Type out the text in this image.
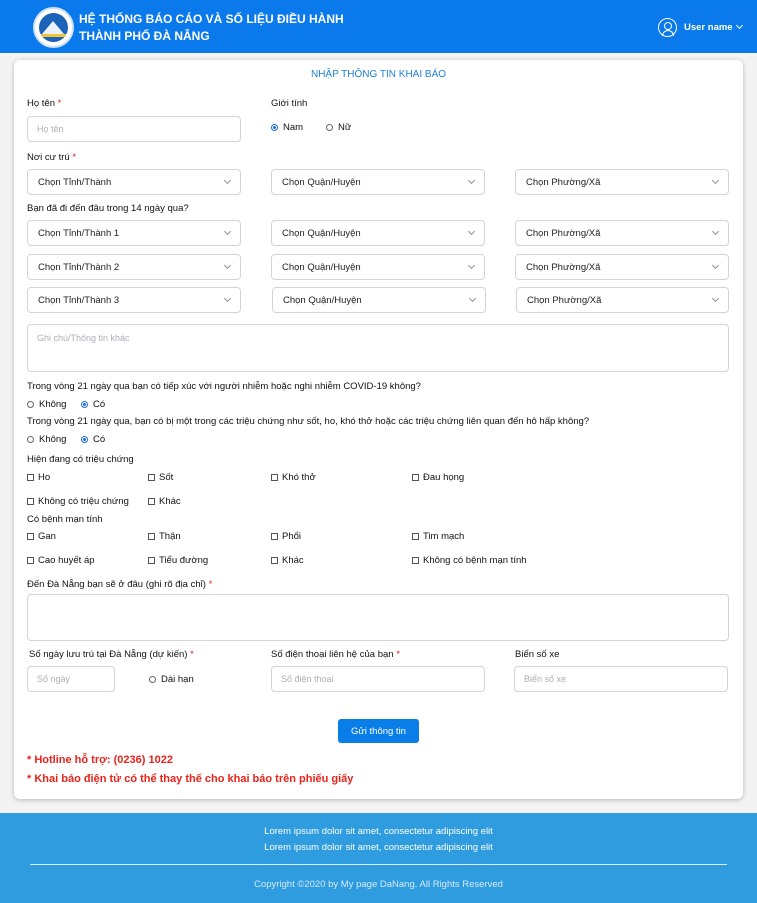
HỆ THỐNG BÁO CÁO VÀ SỐ LIỆU ĐIỀU HÀNH
THÀNH PHỐ ĐÀ NẴNG
User name
NHẬP THÔNG TIN KHAI BÁO
Họ tên *
Họ tên
Giới tính
Nam	Nữ
Nơi cư trú *
Chọn Tỉnh/Thành	Chọn Quận/Huyện	Chọn Phường/Xã
Bạn đã đi đến đâu trong 14 ngày qua?
Chọn Tỉnh/Thành 1	Chọn Quận/Huyện	Chọn Phường/Xã
Chọn Tỉnh/Thành 2	Chọn Quận/Huyện	Chọn Phường/Xã
Chọn Tỉnh/Thành 3	Chọn Quận/Huyện	Chọn Phường/Xã
Ghi chú/Thông tin khác
Trong vòng 21 ngày qua bạn có tiếp xúc với người nhiễm hoặc nghi nhiễm COVID-19 không?
Không	Có
Trong vòng 21 ngày qua, bạn có bị một trong các triệu chứng như sốt, ho, khó thở hoặc các triệu chứng liên quan đến hô hấp không?
Không	Có
Hiện đang có triệu chứng
Ho	Sốt	Khó thở	Đau họng
Không có triệu chứng	Khác
Có bệnh mạn tính
Gan	Thận	Phổi	Tim mạch
Cao huyết áp	Tiểu đường	Khác	Không có bệnh mạn tính
Đến Đà Nẵng bạn sẽ ở đâu (ghi rõ địa chỉ) *
Số ngày lưu trú tại Đà Nẵng (dự kiến) *
Số ngày	Dài hạn
Số điện thoại liên hệ của bạn *
Số điện thoại
Biển số xe
Biển số xe
Gửi thông tin
* Hotline hỗ trợ: (0236) 1022
* Khai báo điện tử có thể thay thế cho khai báo trên phiếu giấy
Lorem ipsum dolor sit amet, consectetur adipiscing elit
Lorem ipsum dolor sit amet, consectetur adipiscing elit
Copyright ©2020 by My page DaNang. All Rights Reserved
